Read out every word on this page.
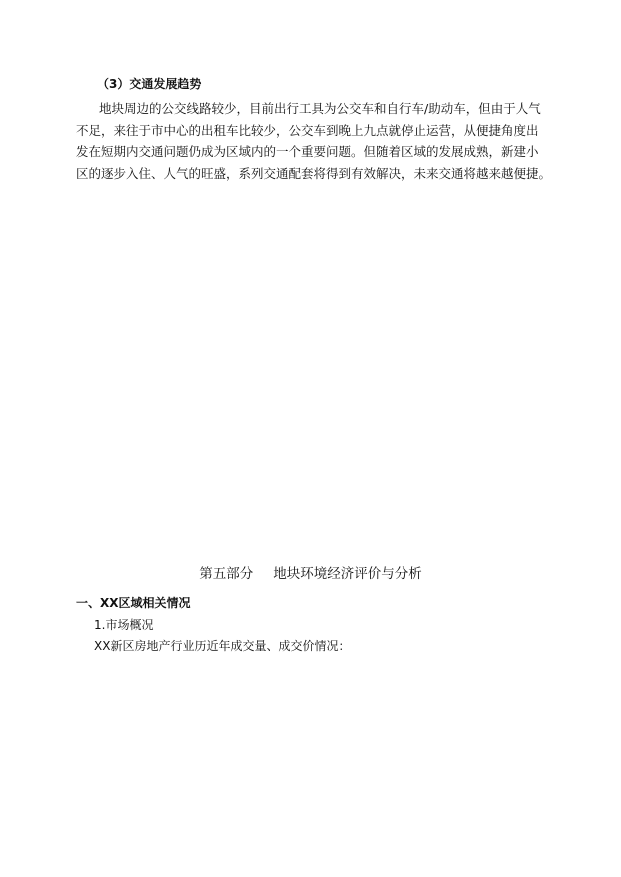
（3）交通发展趋势
地块周边的公交线路较少，目前出行工具为公交车和自行车/助动车，但由于人气
不足，来往于市中心的出租车比较少，公交车到晚上九点就停止运营，从便捷角度出
发在短期内交通问题仍成为区域内的一个重要问题。但随着区域的发展成熟，新建小
区的逐步入住、人气的旺盛，系列交通配套将得到有效解决，未来交通将越来越便捷。
第五部分 地块环境经济评价与分析
一、XX区域相关情况
1.市场概况
XX新区房地产行业历近年成交量、成交价情况：
